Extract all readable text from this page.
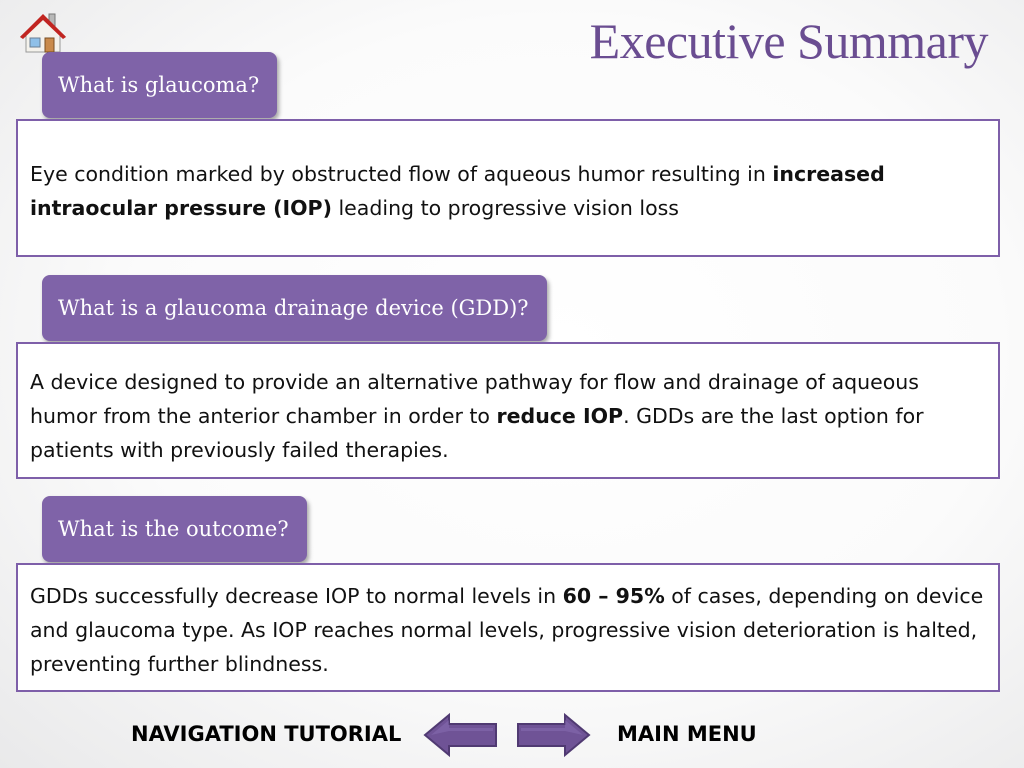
Executive Summary
What is glaucoma?
Eye condition marked by obstructed flow of aqueous humor resulting in increased intraocular pressure (IOP) leading to progressive vision loss
What is a glaucoma drainage device (GDD)?
A device designed to provide an alternative pathway for flow and drainage of aqueous humor from the anterior chamber in order to reduce IOP. GDDs are the last option for patients with previously failed therapies.
What is the outcome?
GDDs successfully decrease IOP to normal levels in 60 – 95% of cases, depending on device and glaucoma type. As IOP reaches normal levels, progressive vision deterioration is halted, preventing further blindness.
NAVIGATION TUTORIAL	MAIN MENU
